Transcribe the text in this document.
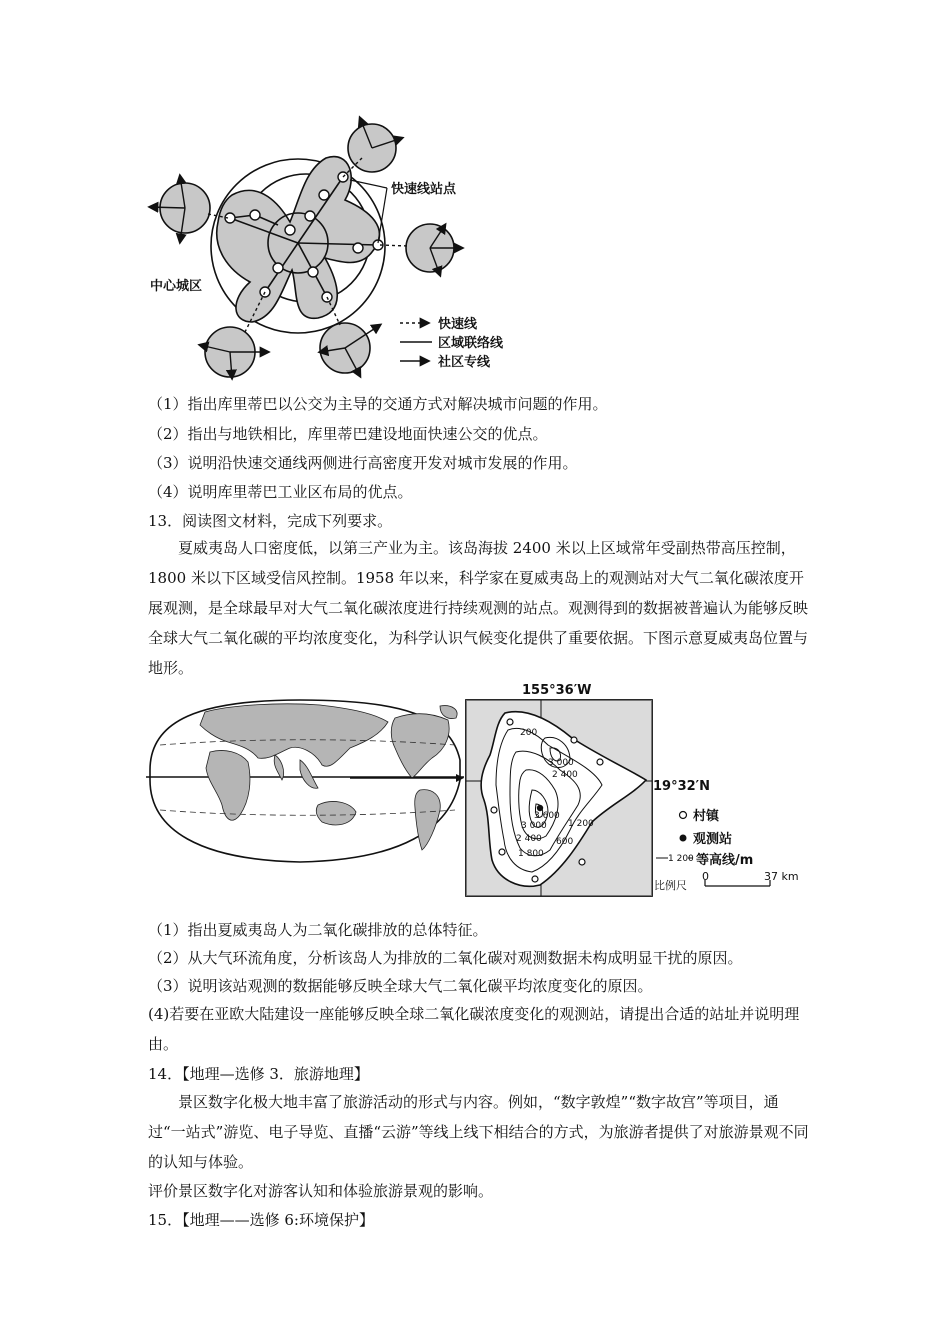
快速线站点
中心城区
快速线
区域联络线
社区专线
（1）指出库里蒂巴以公交为主导的交通方式对解决城市问题的作用。
（2）指出与地铁相比，库里蒂巴建设地面快速公交的优点。
（3）说明沿快速交通线两侧进行高密度开发对城市发展的作用。
（4）说明库里蒂巴工业区布局的优点。
13．阅读图文材料，完成下列要求。
夏威夷岛人口密度低，以第三产业为主。该岛海拔 2400 米以上区域常年受副热带高压控制，1800 米以下区域受信风控制。1958 年以来，科学家在夏威夷岛上的观测站对大气二氧化碳浓度开展观测，是全球最早对大气二氧化碳浓度进行持续观测的站点。观测得到的数据被普遍认为能够反映全球大气二氧化碳的平均浓度变化，为科学认识气候变化提供了重要依据。下图示意夏威夷岛位置与地形。
200
3 000
2 400
3 600
3 000
2 400
1 800
1 200
600
155°36′W
19°32′N
村镇
观测站
1 200 等高线/m
比例尺
0	37 km
（1）指出夏威夷岛人为二氧化碳排放的总体特征。
（2）从大气环流角度，分析该岛人为排放的二氧化碳对观测数据未构成明显干扰的原因。
（3）说明该站观测的数据能够反映全球大气二氧化碳平均浓度变化的原因。
(4)若要在亚欧大陆建设一座能够反映全球二氧化碳浓度变化的观测站，请提出合适的站址并说明理由。
14．【地理—选修 3．旅游地理】
景区数字化极大地丰富了旅游活动的形式与内容。例如，“数字敦煌”“数字故宫”等项目，通过“一站式”游览、电子导览、直播“云游”等线上线下相结合的方式，为旅游者提供了对旅游景观不同的认知与体验。
评价景区数字化对游客认知和体验旅游景观的影响。
15．【地理——选修 6:环境保护】
